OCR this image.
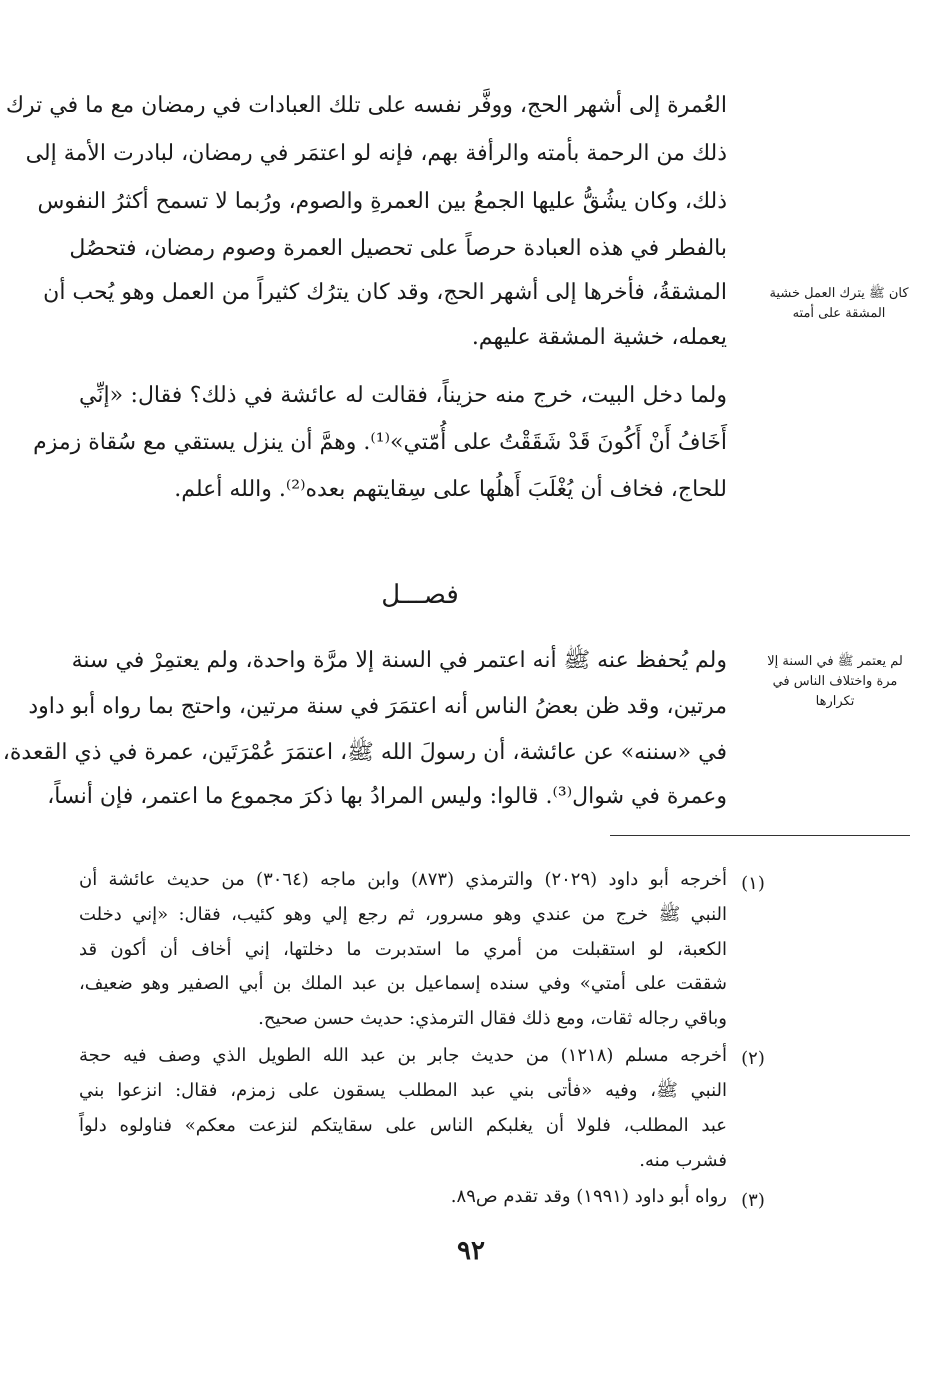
العُمرة إلى أشهر الحج، ووفَّر نفسه على تلك العبادات في رمضان مع ما في ترك
ذلك من الرحمة بأمته والرأفة بهم، فإنه لو اعتمَر في رمضان، لبادرت الأمة إلى
ذلك، وكان يشُقُّ عليها الجمعُ بين العمرةِ والصوم، ورُبما لا تسمح أكثرُ النفوس
بالفطر في هذه العبادة حرصاً على تحصيل العمرة وصوم رمضان، فتحصُل
المشقةُ، فأخرها إلى أشهر الحج، وقد كان يترُك كثيراً من العمل وهو يُحب أن
يعمله، خشية المشقة عليهم.
كان ﷺ يترك العمل خشية المشقة على أمته
ولما دخل البيت، خرج منه حزيناً، فقالت له عائشة في ذلك؟ فقال: «إنِّي
أَخَافُ أَنْ أَكُونَ قَدْ شَقَقْتُ على أُمّتي»⁽¹⁾. وهمَّ أن ينزل يستقي مع سُقاة زمزم
للحاج، فخاف أن يُغْلَبَ أَهلُها على سِقايتهم بعده⁽²⁾. والله أعلم.
فصـــل
ولم يُحفظ عنه ﷺ أنه اعتمر في السنة إلا مرَّة واحدة، ولم يعتمِرْ في سنة
مرتين، وقد ظن بعضُ الناس أنه اعتمَرَ في سنة مرتين، واحتج بما رواه أبو داود
في «سننه» عن عائشة، أن رسولَ الله ﷺ، اعتمَرَ عُمْرَتَين، عمرة في ذي القعدة،
وعمرة في شوال⁽³⁾. قالوا: وليس المرادُ بها ذكرَ مجموع ما اعتمر، فإن أنساً،
لم يعتمر ﷺ في السنة إلا مرة واختلاف الناس في تكرارها
(١)
أخرجه أبو داود (٢٠٢٩) والترمذي (٨٧٣) وابن ماجه (٣٠٦٤) من حديث عائشة أن
النبي ﷺ خرج من عندي وهو مسرور، ثم رجع إلي وهو كئيب، فقال: «إني دخلت
الكعبة، لو استقبلت من أمري ما استدبرت ما دخلتها، إني أخاف أن أكون قد
شققت على أمتي» وفي سنده إسماعيل بن عبد الملك بن أبي الصفير وهو ضعيف،
وباقي رجاله ثقات، ومع ذلك فقال الترمذي: حديث حسن صحيح.
(٢)
أخرجه مسلم (١٢١٨) من حديث جابر بن عبد الله الطويل الذي وصف فيه حجة
النبي ﷺ، وفيه «فأتى بني عبد المطلب يسقون على زمزم، فقال: انزعوا بني
عبد المطلب، فلولا أن يغلبكم الناس على سقايتكم لنزعت معكم» فناولوه دلواً
فشرب منه.
(٣)
رواه أبو داود (١٩٩١) وقد تقدم ص٨٩.
٩٢
